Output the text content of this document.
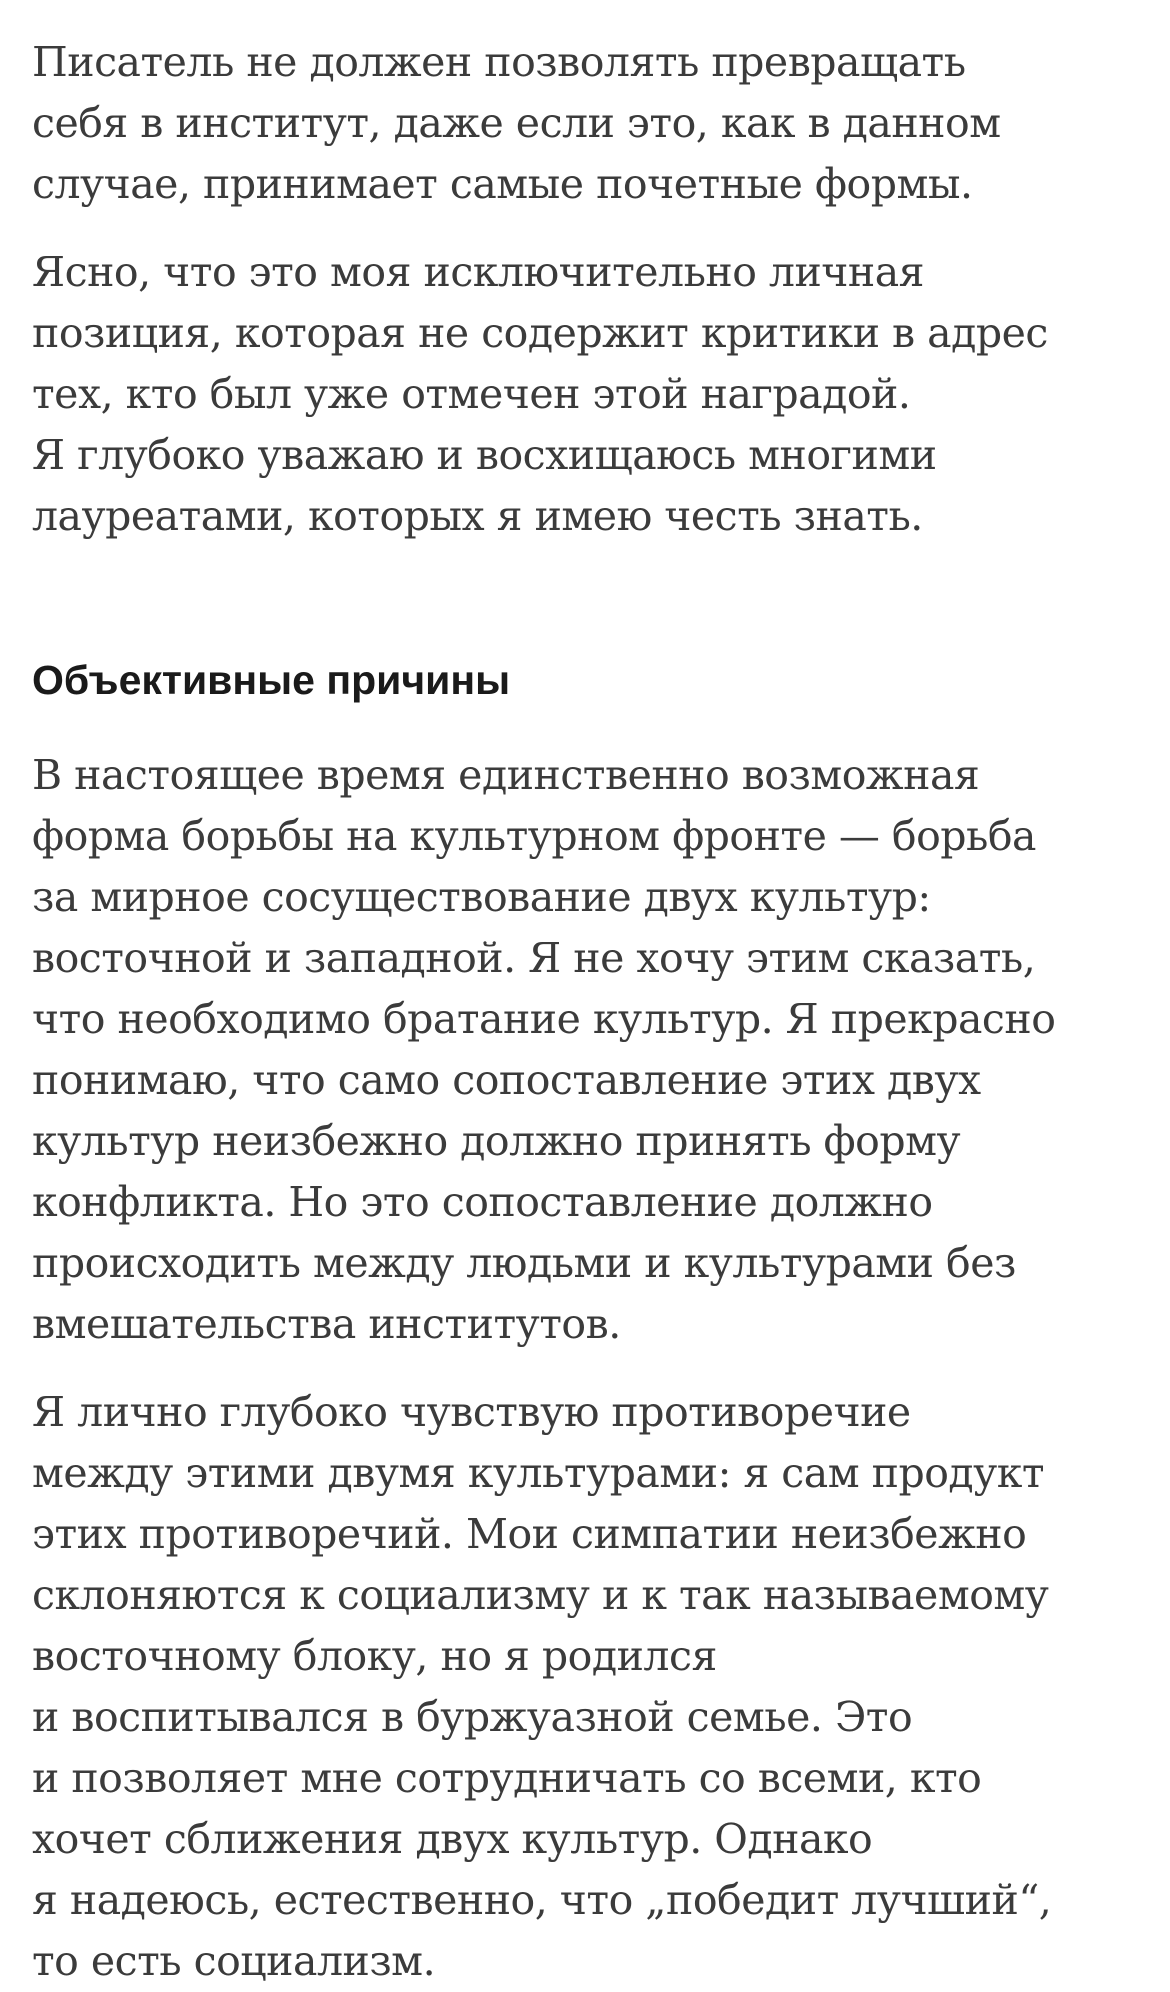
Писатель не должен позволять превращать
себя в институт, даже если это, как в данном
случае, принимает самые почетные формы.

Ясно, что это моя исключительно личная
позиция, которая не содержит критики в адрес
тех, кто был уже отмечен этой наградой.
Я глубоко уважаю и восхищаюсь многими
лауреатами, которых я имею честь знать.

Объективные причины

В настоящее время единственно возможная
форма борьбы на культурном фронте — борьба
за мирное сосуществование двух культур:
восточной и западной. Я не хочу этим сказать,
что необходимо братание культур. Я прекрасно
понимаю, что само сопоставление этих двух
культур неизбежно должно принять форму
конфликта. Но это сопоставление должно
происходить между людьми и культурами без
вмешательства институтов.

Я лично глубоко чувствую противоречие
между этими двумя культурами: я сам продукт
этих противоречий. Мои симпатии неизбежно
склоняются к социализму и к так называемому
восточному блоку, но я родился
и воспитывался в буржуазной семье. Это
и позволяет мне сотрудничать со всеми, кто
хочет сближения двух культур. Однако
я надеюсь, естественно, что „победит лучший“,
то есть социализм.
